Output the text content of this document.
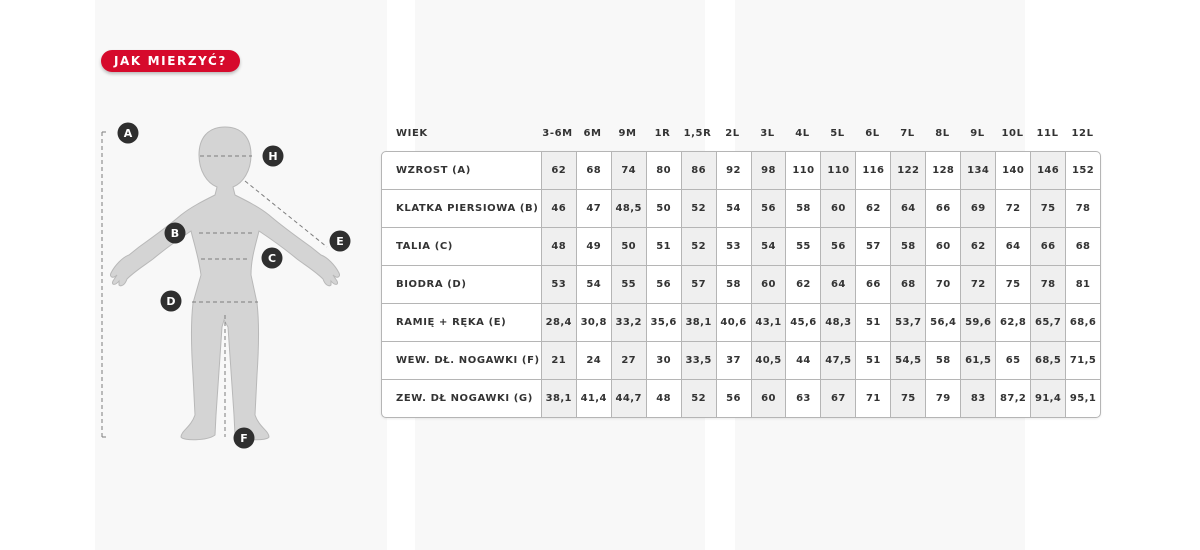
JAK MIERZYĆ?
A
H
B
E
C
D
F
WIEK	3-6M	6M	9M	1R	1,5R	2L	3L	4L	5L	6L	7L	8L	9L	10L	11L	12L
WZROST (A)	62	68	74	80	86	92	98	110	110	116	122	128	134	140	146	152
KLATKA PIERSIOWA (B)	46	47	48,5	50	52	54	56	58	60	62	64	66	69	72	75	78
TALIA (C)	48	49	50	51	52	53	54	55	56	57	58	60	62	64	66	68
BIODRA (D)	53	54	55	56	57	58	60	62	64	66	68	70	72	75	78	81
RAMIĘ + RĘKA (E)	28,4 30,8 33,2 35,6 38,1 40,6 43,1 45,6 48,3	51	53,7 56,4 59,6 62,8 65,7 68,6
WEW. DŁ. NOGAWKI (F)	21	24	27	30	33,5	37	40,5	44	47,5	51	54,5	58	61,5	65	68,5 71,5
ZEW. DŁ NOGAWKI (G)	38,1 41,4 44,7	48	52	56	60	63	67	71	75	79	83	87,2 91,4 95,1
